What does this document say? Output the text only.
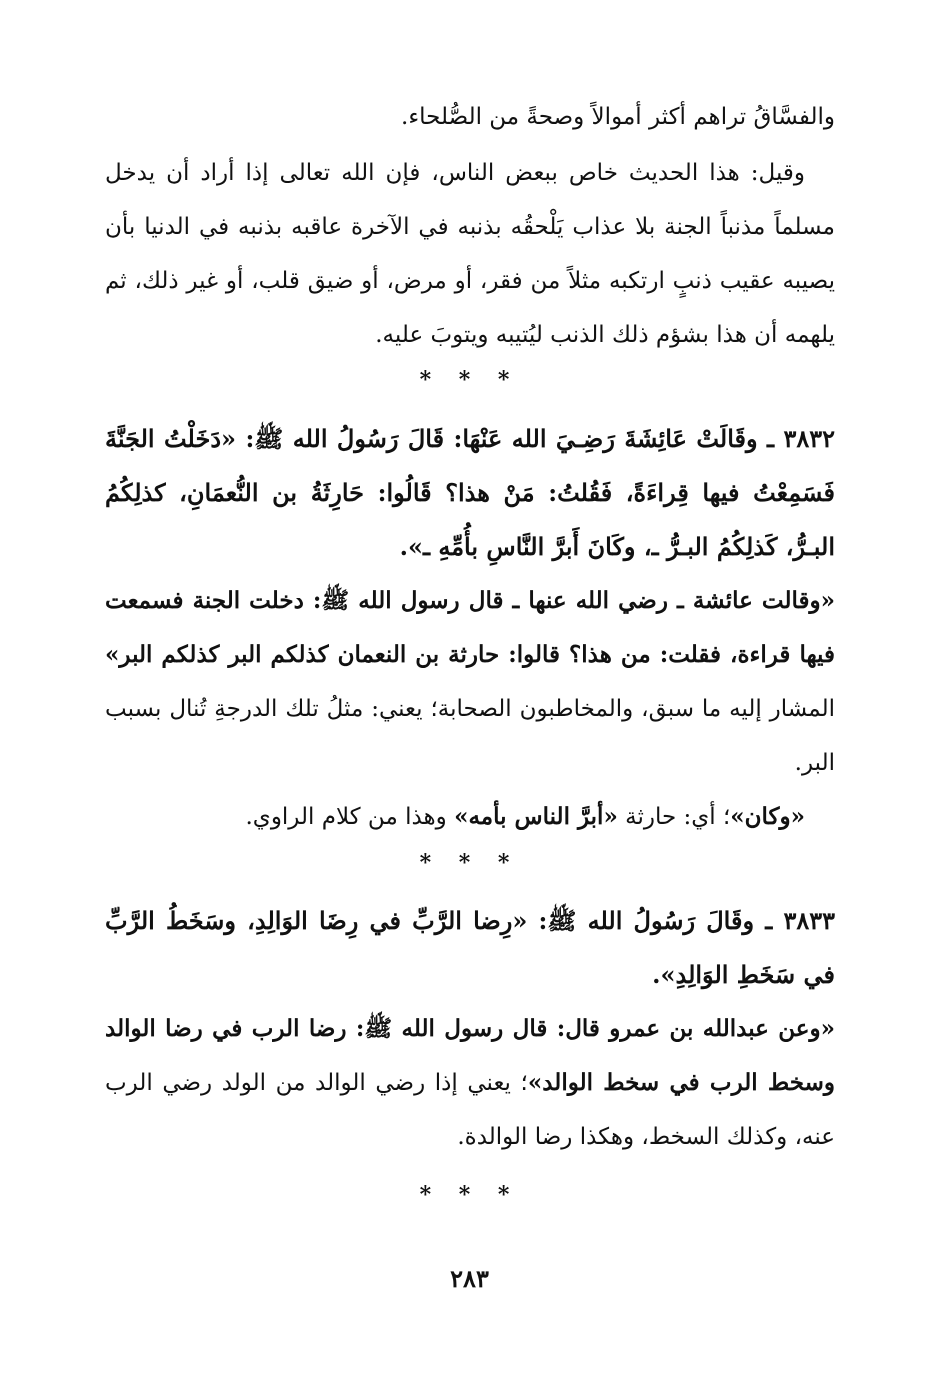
والفسَّاقُ تراهم أكثر أموالاً وصحةً من الصُّلحاء.

وقيل: هذا الحديث خاص ببعض الناس، فإن الله تعالى إذا أراد أن يدخل مسلماً مذنباً الجنة بلا عذاب يَلْحقُه بذنبه في الآخرة عاقبه بذنبه في الدنيا بأن يصيبه عقيب ذنبٍ ارتكبه مثلاً من فقر، أو مرض، أو ضيق قلب، أو غير ذلك، ثم يلهمه أن هذا بشؤم ذلك الذنب ليُتيبه ويتوبَ عليه.

* * *

٣٨٣٢ ـ وقَالَتْ عَائِشَةَ رَضِـيَ الله عَنْهَا: قَالَ رَسُولُ الله ﷺ: «دَخَلْتُ الجَنَّةَ فَسَمِعْتُ فيها قِراءَةً، فَقُلتُ: مَنْ هذا؟ قَالُوا: حَارِثَةُ بن النُّعمَانِ، كذلِكُمُ البـرُّ، كَذلِكُمُ البـرُّ ـ، وكَانَ أَبرَّ النَّاسِ بأُمِّهِ ـ».

«وقالت عائشة ـ رضي الله عنها ـ قال رسول الله ﷺ: دخلت الجنة فسمعت فيها قراءة، فقلت: من هذا؟ قالوا: حارثة بن النعمان كذلكم البر كذلكم البر» المشار إليه ما سبق، والمخاطبون الصحابة؛ يعني: مثلُ تلك الدرجةِ تُنال بسبب البر.

«وكان»؛ أي: حارثة «أبرَّ الناس بأمه» وهذا من كلام الراوي.

* * *

٣٨٣٣ ـ وقَالَ رَسُولُ الله ﷺ: «رِضا الرَّبِّ في رِضَا الوَالِدِ، وسَخَطُ الرَّبِّ في سَخَطِ الوَالِدِ».

«وعن عبدالله بن عمرو قال: قال رسول الله ﷺ: رضا الرب في رضا الوالد وسخط الرب في سخط الوالد»؛ يعني إذا رضي الوالد من الولد رضي الرب عنه، وكذلك السخط، وهكذا رضا الوالدة.

* * *
٢٨٣
